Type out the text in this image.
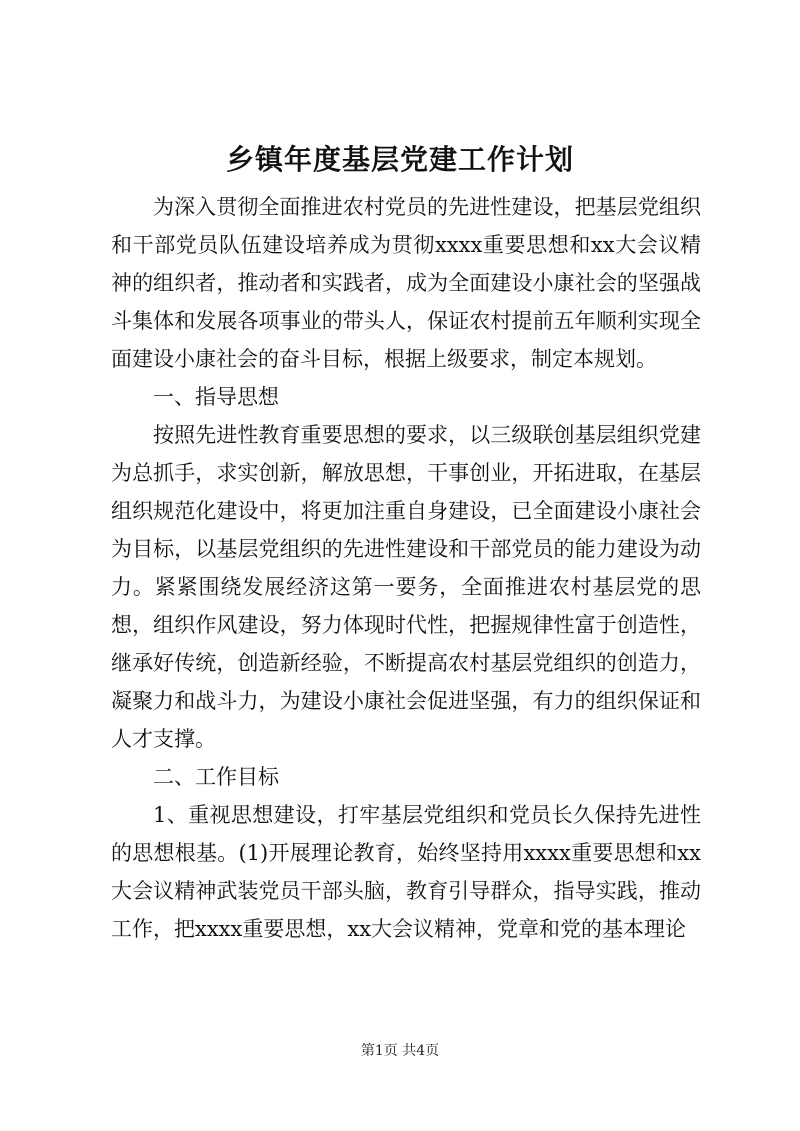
乡镇年度基层党建工作计划

为深入贯彻全面推进农村党员的先进性建设，把基层党组织和干部党员队伍建设培养成为贯彻xxxx重要思想和xx大会议精神的组织者，推动者和实践者，成为全面建设小康社会的坚强战斗集体和发展各项事业的带头人，保证农村提前五年顺利实现全面建设小康社会的奋斗目标，根据上级要求，制定本规划。

一、指导思想

按照先进性教育重要思想的要求，以三级联创基层组织党建为总抓手，求实创新，解放思想，干事创业，开拓进取，在基层组织规范化建设中，将更加注重自身建设，已全面建设小康社会为目标，以基层党组织的先进性建设和干部党员的能力建设为动力。紧紧围绕发展经济这第一要务，全面推进农村基层党的思想，组织作风建设，努力体现时代性，把握规律性富于创造性，继承好传统，创造新经验，不断提高农村基层党组织的创造力，凝聚力和战斗力，为建设小康社会促进坚强，有力的组织保证和人才支撑。

二、工作目标

1、重视思想建设，打牢基层党组织和党员长久保持先进性的思想根基。(1)开展理论教育，始终坚持用xxxx重要思想和xx大会议精神武装党员干部头脑，教育引导群众，指导实践，推动工作，把xxxx重要思想，xx大会议精神，党章和党的基本理论

第1页 共4页
